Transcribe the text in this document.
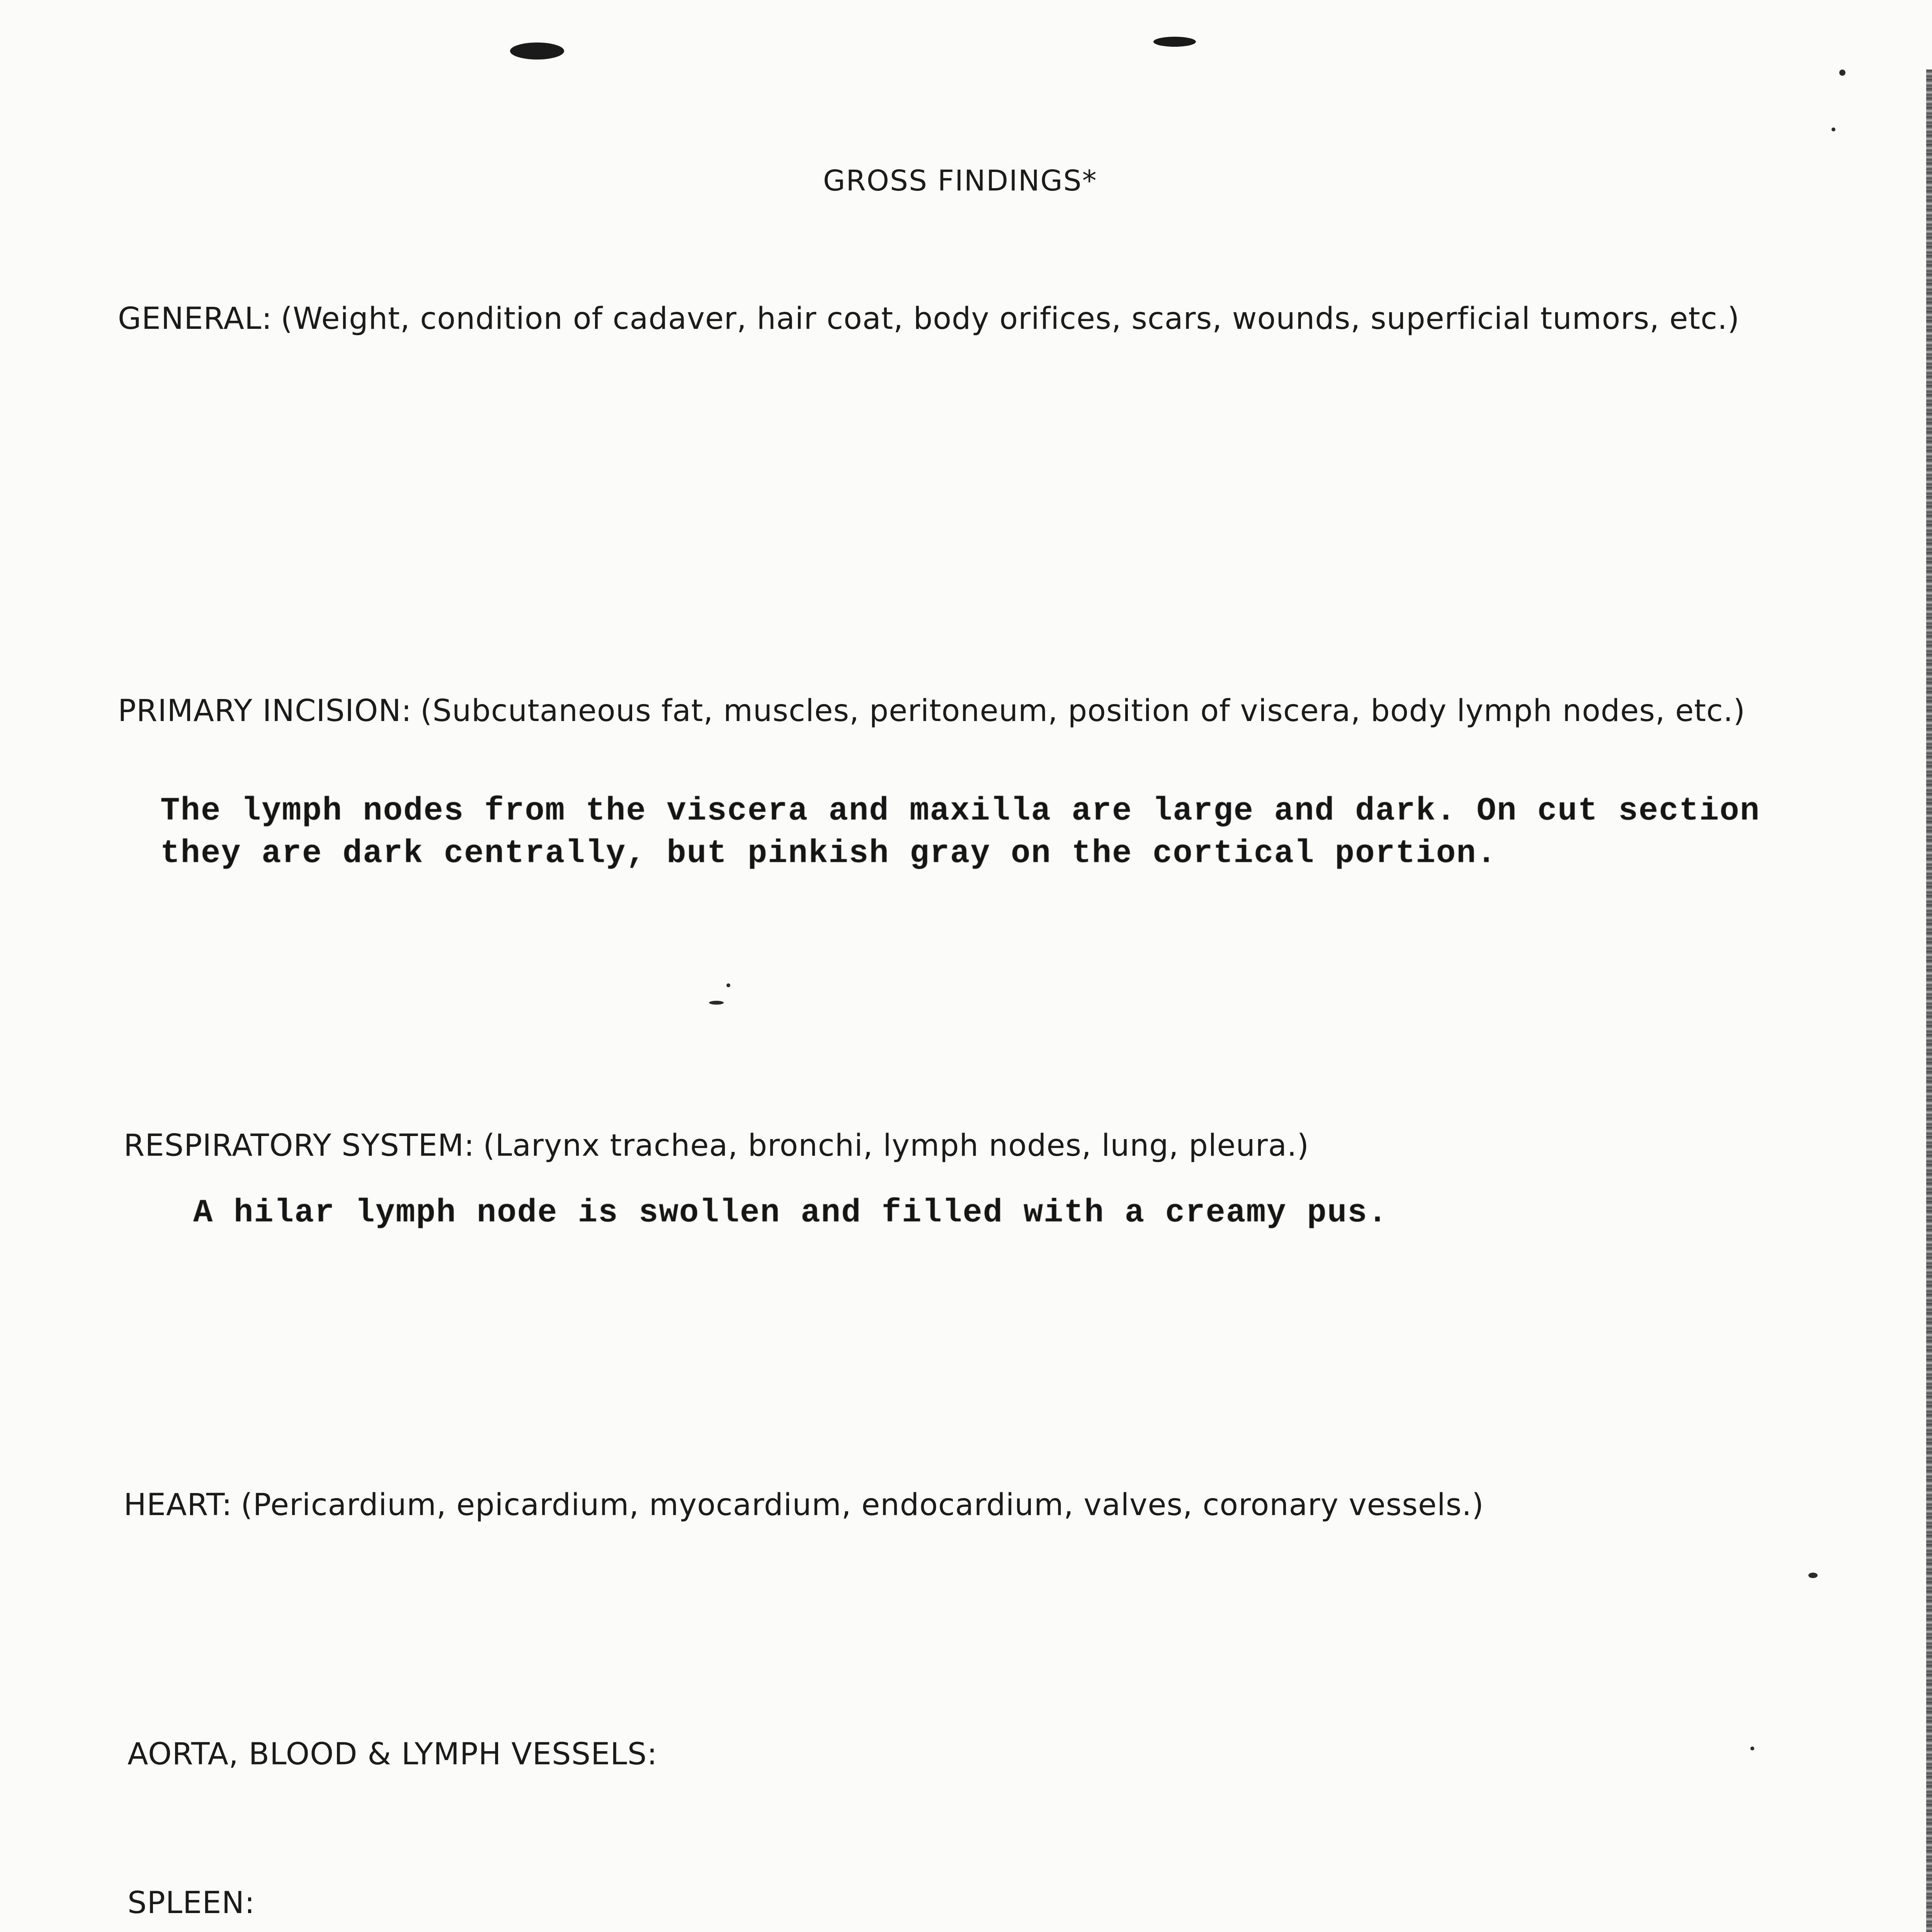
GROSS FINDINGS*
GENERAL: (Weight, condition of cadaver, hair coat, body orifices, scars, wounds, superficial tumors, etc.)
PRIMARY INCISION: (Subcutaneous fat, muscles, peritoneum, position of viscera, body lymph nodes, etc.)
The lymph nodes from the viscera and maxilla are large and dark. On cut section
they are dark centrally, but pinkish gray on the cortical portion.
RESPIRATORY SYSTEM: (Larynx trachea, bronchi, lymph nodes, lung, pleura.)
A hilar lymph node is swollen and filled with a creamy pus.
HEART: (Pericardium, epicardium, myocardium, endocardium, valves, coronary vessels.)
AORTA, BLOOD & LYMPH VESSELS:
SPLEEN:
